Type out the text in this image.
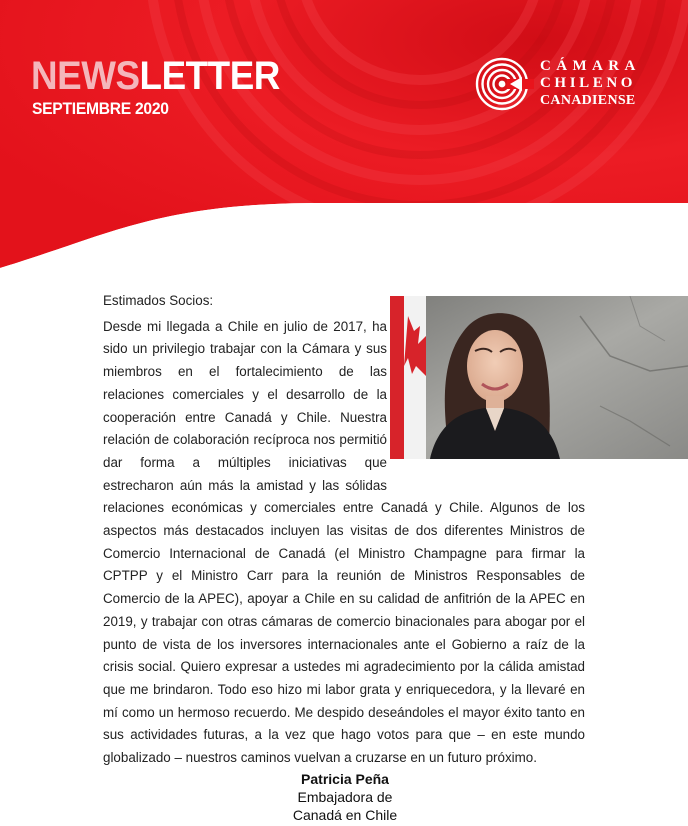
NEWSLETTER
SEPTIEMBRE 2020
CÁMARA
CHILENO
CANADIENSE

Estimados Socios:

Desde mi llegada a Chile en julio de 2017, ha sido un privilegio trabajar con la Cámara y sus miembros en el fortalecimiento de las relaciones comerciales y el desarrollo de la cooperación entre Canadá y Chile. Nuestra relación de colaboración recíproca nos permitió dar forma a múltiples iniciativas que estrecharon aún más la amistad y las sólidas relaciones económicas y comerciales entre Canadá y Chile. Algunos de los aspectos más destacados incluyen las visitas de dos diferentes Ministros de Comercio Internacional de Canadá (el Ministro Champagne para firmar la CPTPP y el Ministro Carr para la reunión de Ministros Responsables de Comercio de la APEC), apoyar a Chile en su calidad de anfitrión de la APEC en 2019, y trabajar con otras cámaras de comercio binacionales para abogar por el punto de vista de los inversores internacionales ante el Gobierno a raíz de la crisis social. Quiero expresar a ustedes mi agradecimiento por la cálida amistad que me brindaron. Todo eso hizo mi labor grata y enriquecedora, y la llevaré en mí como un hermoso recuerdo. Me despido deseándoles el mayor éxito tanto en sus actividades futuras, a la vez que hago votos para que – en este mundo globalizado – nuestros caminos vuelvan a cruzarse en un futuro próximo.

Patricia Peña
Embajadora de
Canadá en Chile
